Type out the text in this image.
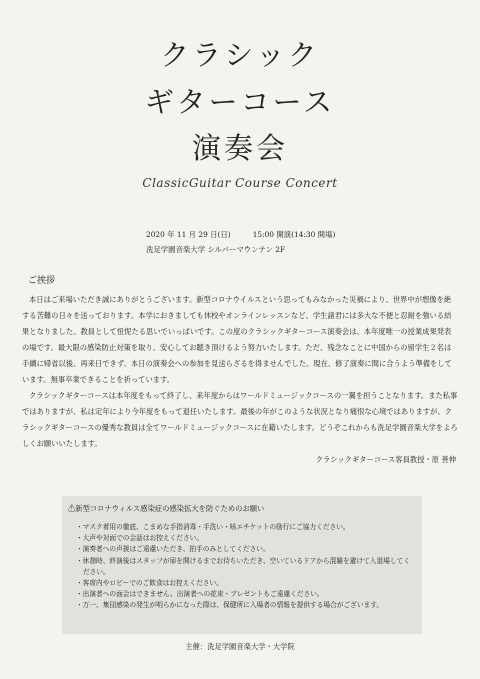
クラシック
ギターコース
演奏会
ClassicGuitar Course Concert
2020 年 11 月 29 日(日)	15:00 開演(14:30 開場)
洗足学園音楽大学 シルバーマウンテン 2F
ご挨拶

本日はご来場いただき誠にありがとうございます。新型コロナウイルスという思ってもみなかった災禍により、世界中が想像を絶する苦難の日々を送っております。本学におきましても休校やオンラインレッスンなど、学生諸君には多大な不便と忍耐を強いる結果となりました。教員として忸怩たる思いでいっぱいです。この度のクラシックギターコース演奏会は、本年度唯一の授業成果発表の場です。最大限の感染防止対策を取り、安心してお聴き頂けるよう努力いたします。ただ、残念なことに中国からの留学生２名は手續に帰省以後、再来日できず、本日の演奏会への参加を見送らざるを得ませんでした。現在、修了演奏に間に合うよう準備をしています。無事卒業できることを祈っています。

クラシックギターコースは本年度をもって終了し、来年度からはワールドミュージックコースの一翼を担うことなります。また私事ではありますが、私は定年により今年度をもって退任いたします。最後の年がこのような状況となり痛恨な心境ではありますが、クラシックギターコースの優秀な教員は全てワールドミュージックコースに在籍いたします。どうぞこれからも洗足学園音楽大学をよろしくお願いいたします。

クラシックギターコース客員教授・原 善伸
⚠新型コロナウィルス感染症の感染拡大を防ぐためのお願い
・マスク着用の徹底、こまめな手指消毒・手洗い・咳エチケットの励行にご協力ください。
・大声や対面での会話はお控えください。
・演奏者への声援はご遠慮いただき、拍手のみとしてください。
・休憩時、終演後はスタッフが扉を開けるまでお待ちいただき、空いているドアから混雑を避けて入退場してください。
・客席内やロビーでのご飲食はお控えください。
・出演者への面会はできません。出演者への花束・プレゼントもご遠慮ください。
・万一、集団感染の発生が明らかになった際は、保健所に入場者の情報を提供する場合がございます。
主催：洗足学園音楽大学・大学院
